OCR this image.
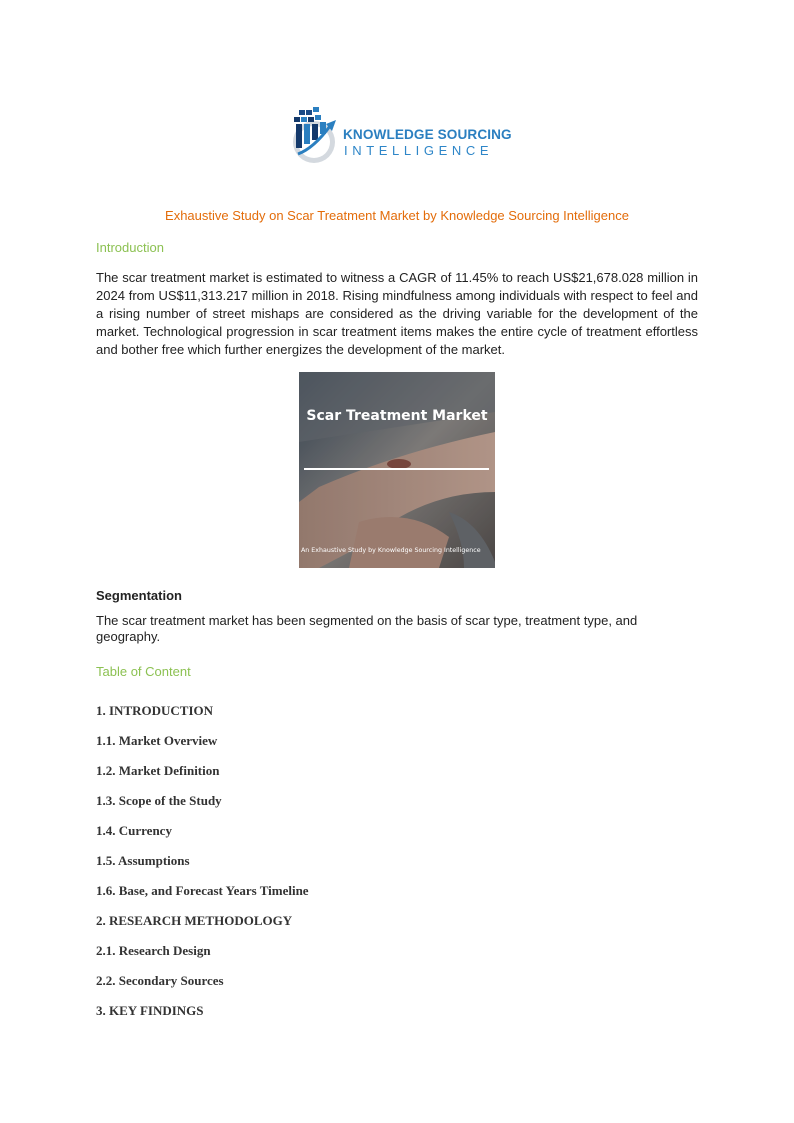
KNOWLEDGE SOURCING
INTELLIGENCE
Exhaustive Study on Scar Treatment Market by Knowledge Sourcing Intelligence
Introduction
The scar treatment market is estimated to witness a CAGR of 11.45% to reach US$21,678.028 million in 2024 from US$11,313.217 million in 2018. Rising mindfulness among individuals with respect to feel and a rising number of street mishaps are considered as the driving variable for the development of the market. Technological progression in scar treatment items makes the entire cycle of treatment effortless and bother free which further energizes the development of the market.
Scar Treatment Market
An Exhaustive Study by Knowledge Sourcing Intelligence
Segmentation
The scar treatment market has been segmented on the basis of scar type, treatment type, and geography.
Table of Content
1. INTRODUCTION
1.1. Market Overview
1.2. Market Definition
1.3. Scope of the Study
1.4. Currency
1.5. Assumptions
1.6. Base, and Forecast Years Timeline
2. RESEARCH METHODOLOGY
2.1. Research Design
2.2. Secondary Sources
3. KEY FINDINGS
